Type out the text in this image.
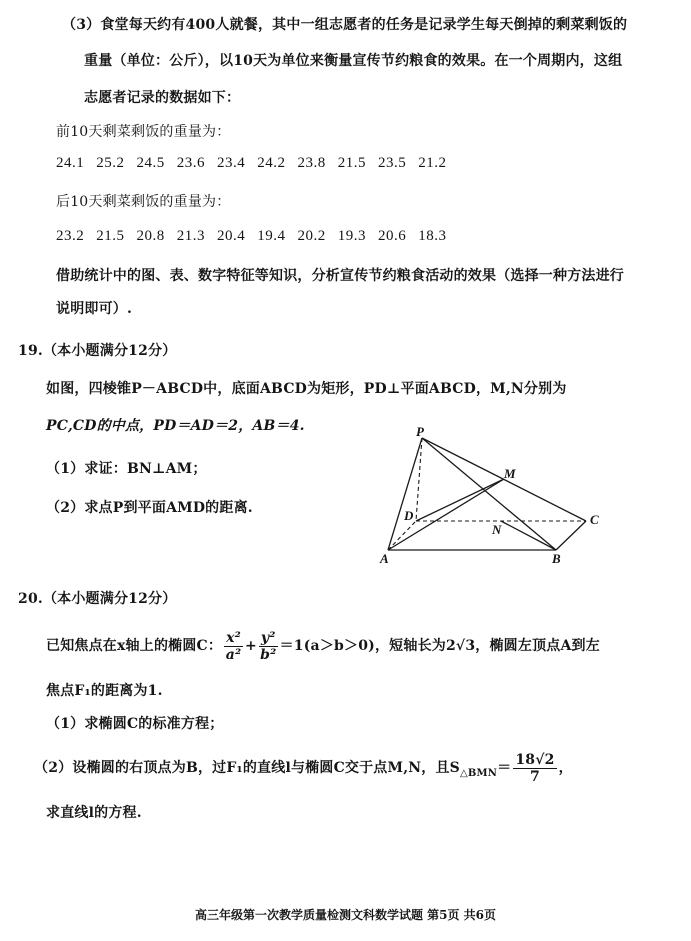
（3）食堂每天约有400人就餐，其中一组志愿者的任务是记录学生每天倒掉的剩菜剩饭的
重量（单位：公斤），以10天为单位来衡量宣传节约粮食的效果。在一个周期内，这组
志愿者记录的数据如下：
前10天剩菜剩饭的重量为：
24.1 25.2 24.5 23.6 23.4 24.2 23.8 21.5 23.5 21.2
后10天剩菜剩饭的重量为：
23.2 21.5 20.8 21.3 20.4 19.4 20.2 19.3 20.6 18.3
借助统计中的图、表、数字特征等知识，分析宣传节约粮食活动的效果（选择一种方法进行
说明即可）.
19.（本小题满分12分）
如图，四棱锥P－ABCD中，底面ABCD为矩形，PD⊥平面ABCD，M,N分别为
PC,CD的中点，PD＝AD＝2，AB＝4.
（1）求证：BN⊥AM；
（2）求点P到平面AMD的距离.
P
M
D	C
N
A	B
20.（本小题满分12分）
已知焦点在x轴上的椭圆C： $\frac{\text{x²}}{\text{a²}} + \frac{\text{y²}}{\text{b²}} =1(a>b>0)$，短轴长为2√3，椭圆左顶点A到左
焦点F₁的距离为1.
（1）求椭圆C的标准方程；
（2）设椭圆的右顶点为B，过F₁的直线l与椭圆C交于点M,N，且$S_{\triangle BMN}= \frac{18√2}{7}$ ，
求直线l的方程.
高三年级第一次教学质量检测文科数学试题 第5页 共6页
